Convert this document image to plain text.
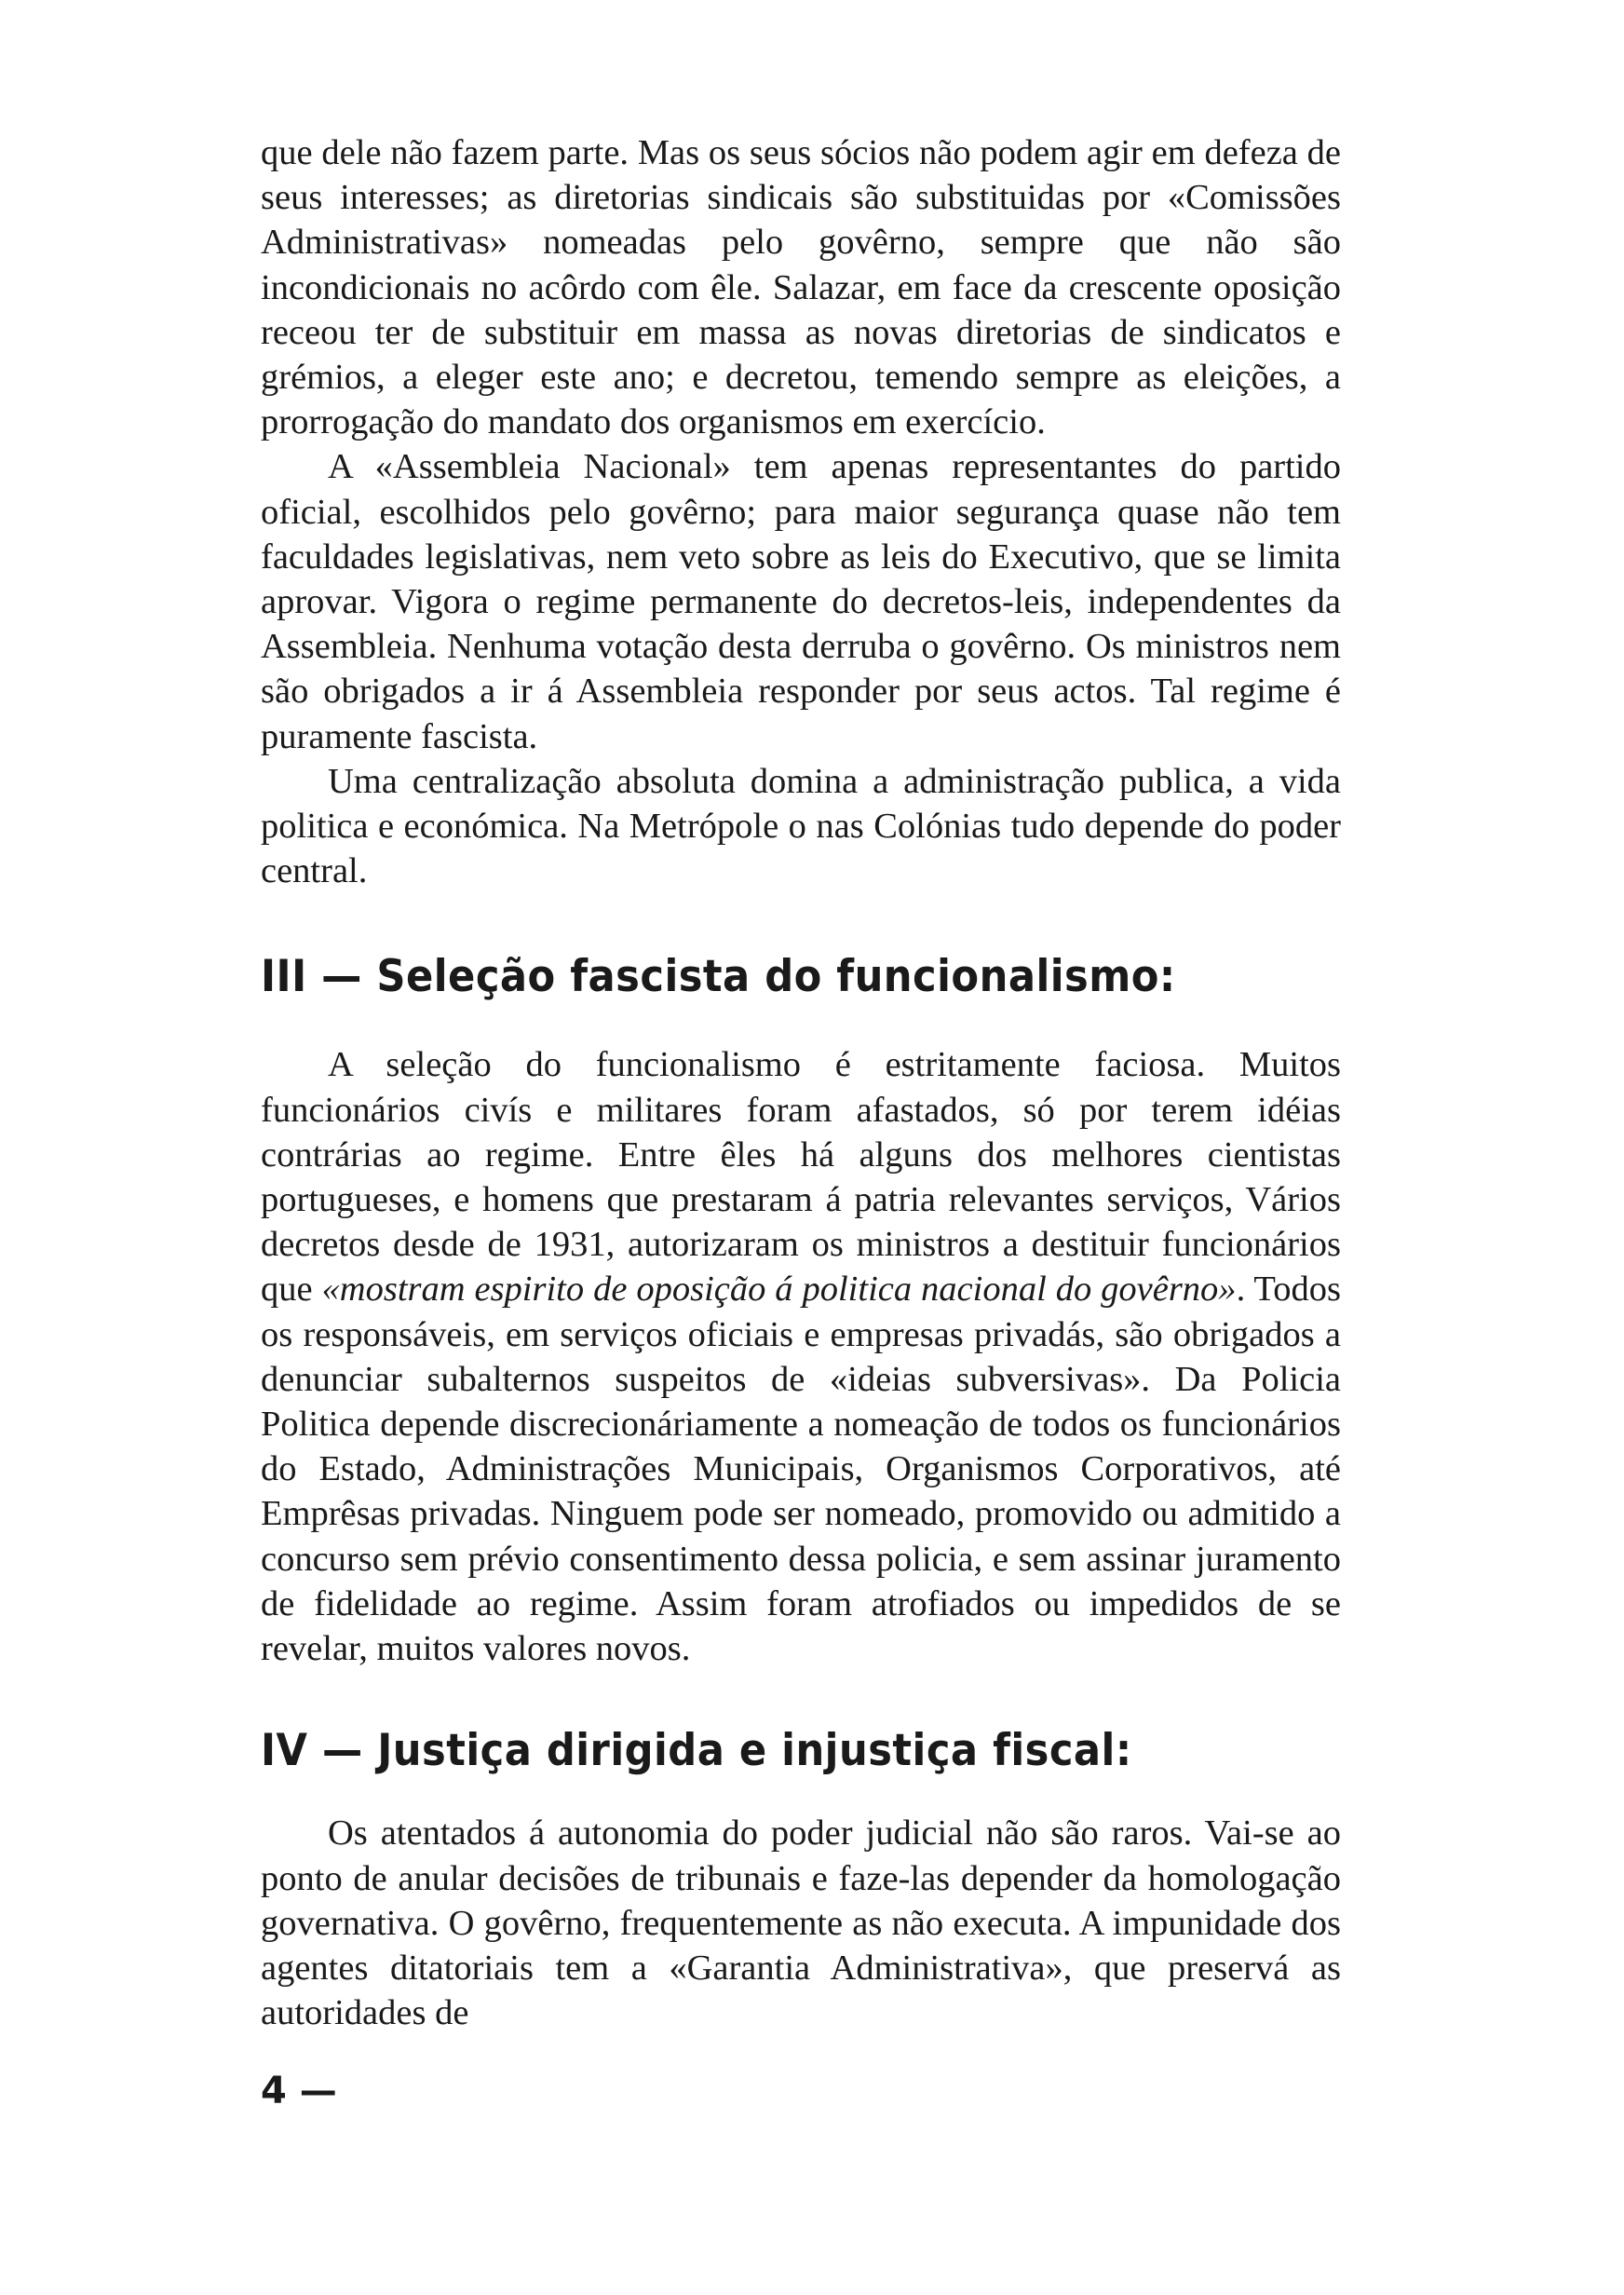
que dele não fazem parte. Mas os seus sócios não podem agir em defeza de seus interesses; as diretorias sindicais são substituidas por «Comissões Administrativas» nomeadas pelo govêrno, sempre que não são incondicionais no acôrdo com êle. Salazar, em face da crescente oposição receou ter de substituir em massa as novas diretorias de sindicatos e grémios, a eleger este ano; e decretou, temendo sempre as eleições, a prorrogação do mandato dos organismos em exercício.

A «Assembleia Nacional» tem apenas representantes do partido oficial, escolhidos pelo govêrno; para maior segurança quase não tem faculdades legislativas, nem veto sobre as leis do Executivo, que se limita aprovar. Vigora o regime permanente do decretos-leis, independentes da Assembleia. Nenhuma votação desta derruba o govêrno. Os ministros nem são obrigados a ir á Assembleia responder por seus actos. Tal regime é puramente fascista.

Uma centralização absoluta domina a administração publica, a vida politica e económica. Na Metrópole o nas Colónias tudo depende do poder central.

III — Seleção fascista do funcionalismo:

A seleção do funcionalismo é estritamente faciosa. Muitos funcionários civís e militares foram afastados, só por terem idéias contrárias ao regime. Entre êles há alguns dos melhores cientistas portugueses, e homens que prestaram á patria relevantes serviços, Vários decretos desde de 1931, autorizaram os ministros a destituir funcionários que «mostram espirito de oposição á politica nacional do govêrno». Todos os responsáveis, em serviços oficiais e empresas privadás, são obrigados a denunciar subalternos suspeitos de «ideias subversivas». Da Policia Politica depende discrecionáriamente a nomeação de todos os funcionários do Estado, Administrações Municipais, Organismos Corporativos, até Emprêsas privadas. Ninguem pode ser nomeado, promovido ou admitido a concurso sem prévio consentimento dessa policia, e sem assinar juramento de fidelidade ao regime. Assim foram atrofiados ou impedidos de se revelar, muitos valores novos.

IV — Justiça dirigida e injustiça fiscal:

Os atentados á autonomia do poder judicial não são raros. Vai-se ao ponto de anular decisões de tribunais e faze-las depender da homologação governativa. O govêrno, frequentemente as não executa. A impunidade dos agentes ditatoriais tem a «Garantia Administrativa», que preservá as autoridades de

4 —
